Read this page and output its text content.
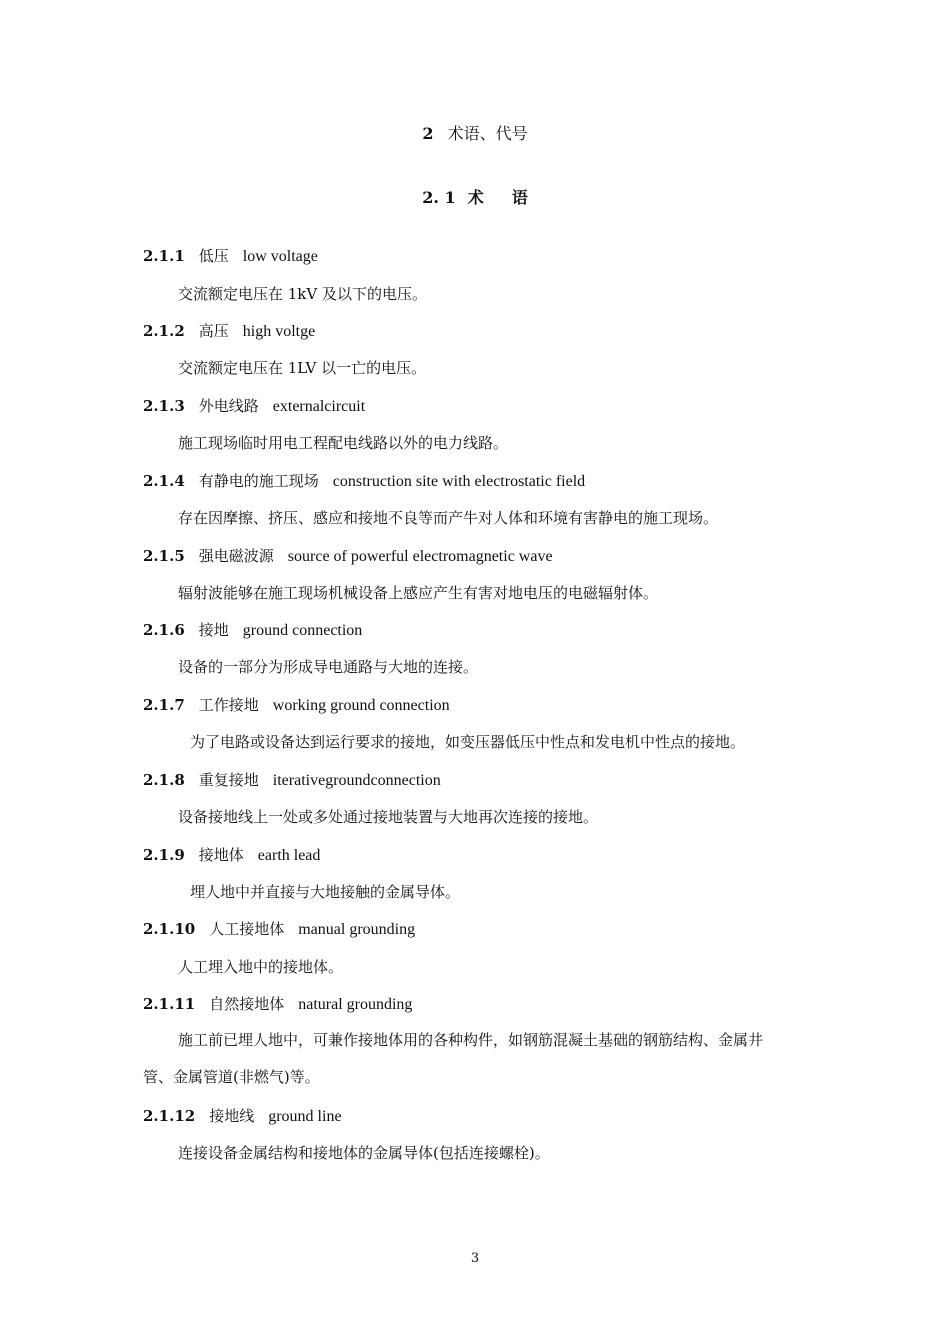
2 术语、代号
2. 1 术 语
2.1.1 低压 low voltage
交流额定电压在 1kV 及以下的电压。
2.1.2 高压 high voltge
交流额定电压在 1LV 以一亡的电压。
2.1.3 外电线路 externalcircuit
施工现场临时用电工程配电线路以外的电力线路。
2.1.4 有静电的施工现场 construction site with electrostatic field
存在因摩擦、挤压、感应和接地不良等而产牛对人体和环境有害静电的施工现场。
2.1.5 强电磁波源 source of powerful electromagnetic wave
辐射波能够在施工现场机械设备上感应产生有害对地电压的电磁辐射体。
2.1.6 接地 ground connection
设备的一部分为形成导电通路与大地的连接。
2.1.7 工作接地 working ground connection
为了电路或设备达到运行要求的接地，如变压器低压中性点和发电机中性点的接地。
2.1.8 重复接地 iterativegroundconnection
设备接地线上一处或多处通过接地装置与大地再次连接的接地。
2.1.9 接地体 earth lead
埋人地中并直接与大地接触的金属导体。
2.1.10 人工接地体 manual grounding
人工埋入地中的接地体。
2.1.11 自然接地体 natural grounding
施工前已埋人地中，可兼作接地体用的各种构件，如钢筋混凝土基础的钢筋结构、金属井管、金属管道(非燃气)等。
2.1.12 接地线 ground line
连接设备金属结构和接地体的金属导体(包括连接螺栓)。
3
